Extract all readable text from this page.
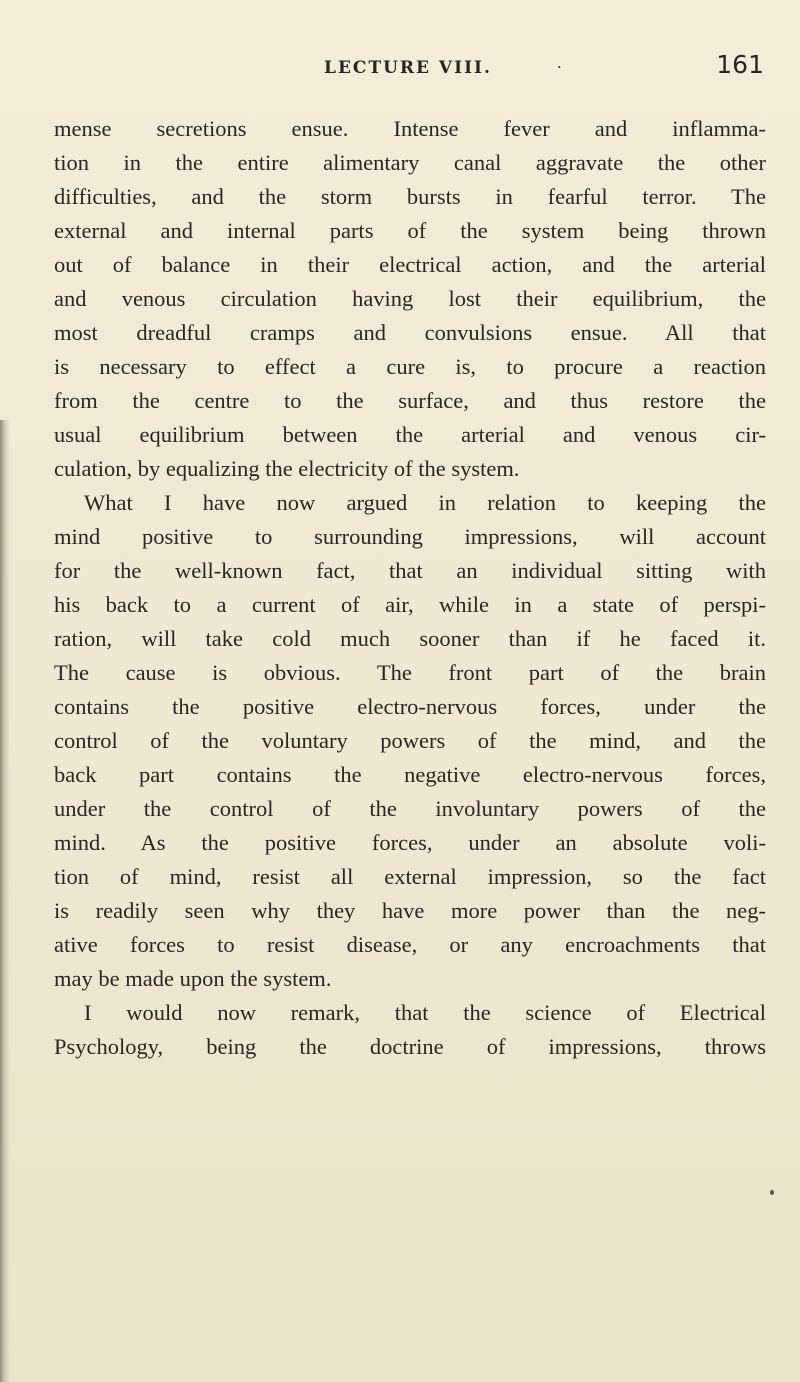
LECTURE VIII.	·	161
mense secretions ensue. Intense fever and inflamma-
tion in the entire alimentary canal aggravate the other
difficulties, and the storm bursts in fearful terror. The
external and internal parts of the system being thrown
out of balance in their electrical action, and the arterial
and venous circulation having lost their equilibrium, the
most dreadful cramps and convulsions ensue. All that
is necessary to effect a cure is, to procure a reaction
from the centre to the surface, and thus restore the
usual equilibrium between the arterial and venous cir-
culation, by equalizing the electricity of the system.
What I have now argued in relation to keeping the
mind positive to surrounding impressions, will account
for the well-known fact, that an individual sitting with
his back to a current of air, while in a state of perspi-
ration, will take cold much sooner than if he faced it.
The cause is obvious. The front part of the brain
contains the positive electro-nervous forces, under the
control of the voluntary powers of the mind, and the
back part contains the negative electro-nervous forces,
under the control of the involuntary powers of the
mind. As the positive forces, under an absolute voli-
tion of mind, resist all external impression, so the fact
is readily seen why they have more power than the neg-
ative forces to resist disease, or any encroachments that
may be made upon the system.
I would now remark, that the science of Electrical
Psychology, being the doctrine of impressions, throws
